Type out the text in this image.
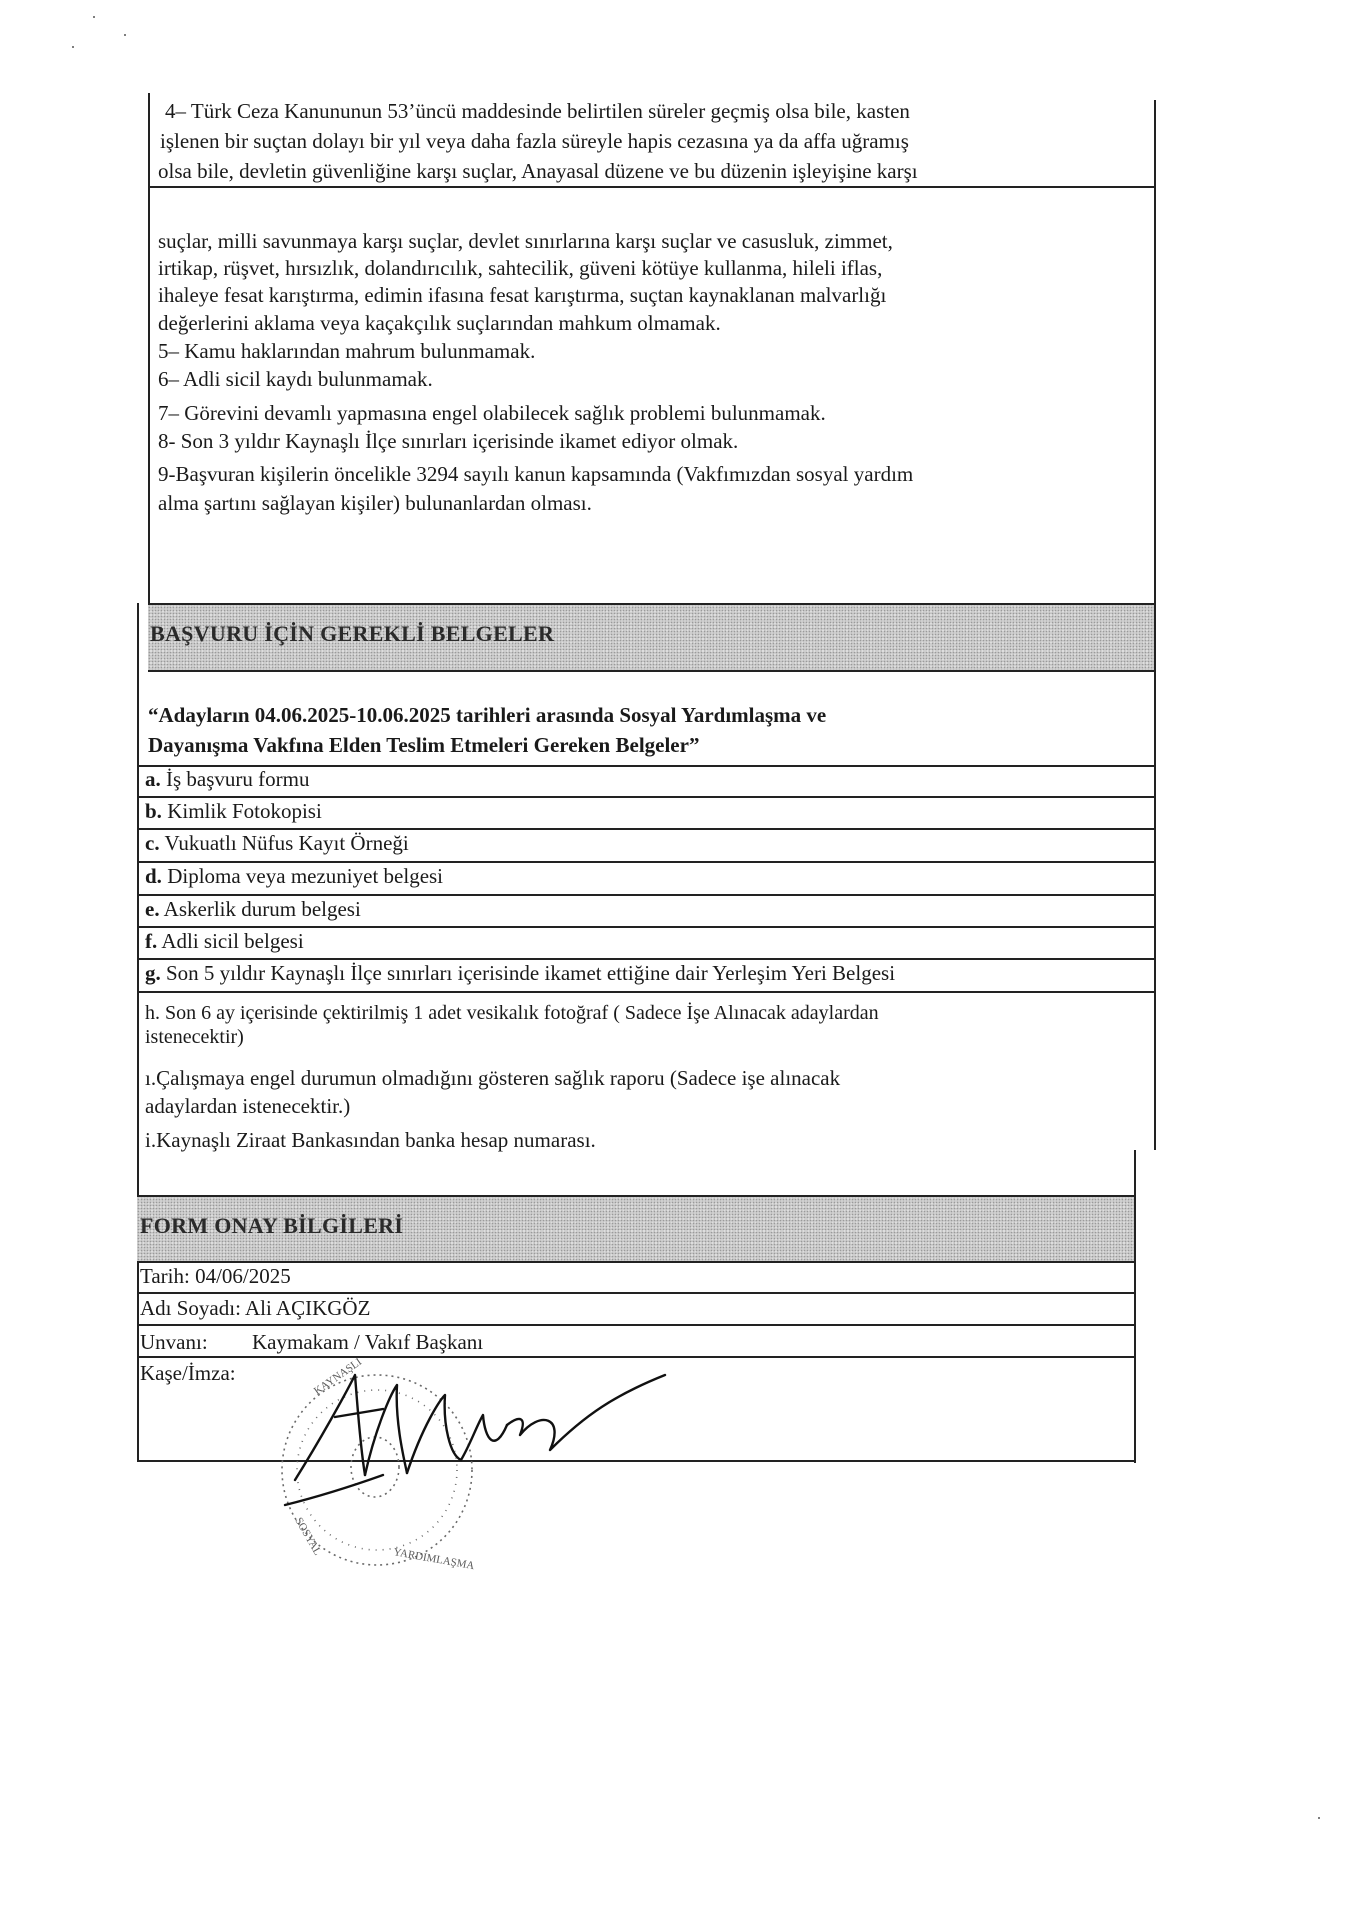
4– Türk Ceza Kanununun 53’üncü maddesinde belirtilen süreler geçmiş olsa bile, kasten
işlenen bir suçtan dolayı bir yıl veya daha fazla süreyle hapis cezasına ya da affa uğramış
olsa bile, devletin güvenliğine karşı suçlar, Anayasal düzene ve bu düzenin işleyişine karşı
suçlar, milli savunmaya karşı suçlar, devlet sınırlarına karşı suçlar ve casusluk, zimmet,
irtikap, rüşvet, hırsızlık, dolandırıcılık, sahtecilik, güveni kötüye kullanma, hileli iflas,
ihaleye fesat karıştırma, edimin ifasına fesat karıştırma, suçtan kaynaklanan malvarlığı
değerlerini aklama veya kaçakçılık suçlarından mahkum olmamak.
5– Kamu haklarından mahrum bulunmamak.
6– Adli sicil kaydı bulunmamak.
7– Görevini devamlı yapmasına engel olabilecek sağlık problemi bulunmamak.
8- Son 3 yıldır Kaynaşlı İlçe sınırları içerisinde ikamet ediyor olmak.
9-Başvuran kişilerin öncelikle 3294 sayılı kanun kapsamında (Vakfımızdan sosyal yardım
alma şartını sağlayan kişiler) bulunanlardan olması.
BAŞVURU İÇİN GEREKLİ BELGELER
“Adayların 04.06.2025-10.06.2025 tarihleri arasında Sosyal Yardımlaşma ve
Dayanışma Vakfına Elden Teslim Etmeleri Gereken Belgeler”
a. İş başvuru formu
b. Kimlik Fotokopisi
c. Vukuatlı Nüfus Kayıt Örneği
d. Diploma veya mezuniyet belgesi
e. Askerlik durum belgesi
f. Adli sicil belgesi
g. Son 5 yıldır Kaynaşlı İlçe sınırları içerisinde ikamet ettiğine dair Yerleşim Yeri Belgesi
h. Son 6 ay içerisinde çektirilmiş 1 adet vesikalık fotoğraf ( Sadece İşe Alınacak adaylardan
istenecektir)
ı.Çalışmaya engel durumun olmadığını gösteren sağlık raporu (Sadece işe alınacak
adaylardan istenecektir.)
i.Kaynaşlı Ziraat Bankasından banka hesap numarası.
FORM ONAY BİLGİLERİ
Tarih: 04/06/2025
Adı Soyadı: Ali AÇIKGÖZ
Unvanı: Kaymakam / Vakıf Başkanı
Kaşe/İmza:	KAYNAŞLI
YARDIMLAŞMA
SOSYAL
